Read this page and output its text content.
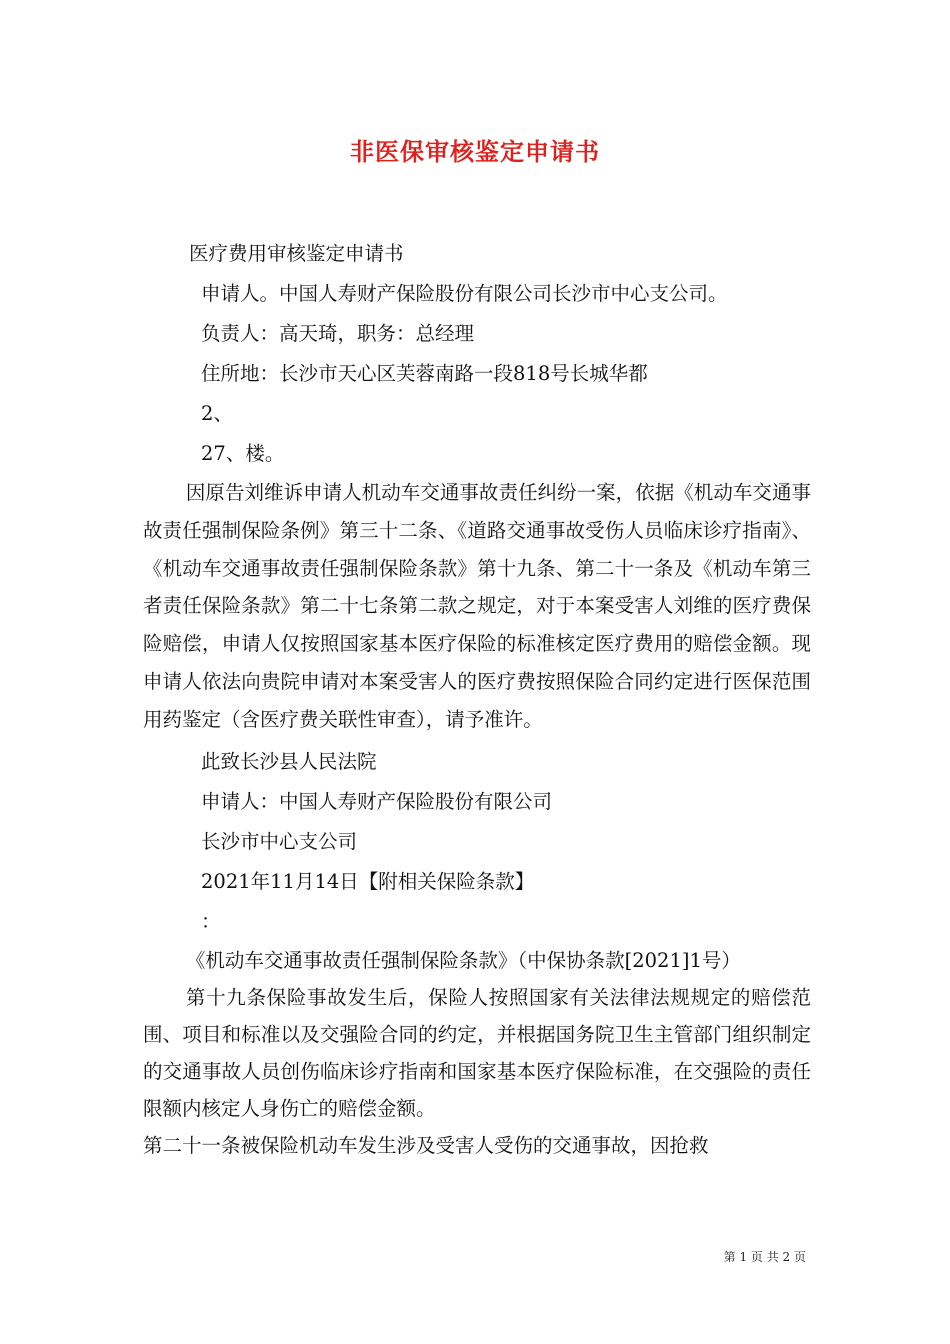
非医保审核鉴定申请书
医疗费用审核鉴定申请书
申请人。中国人寿财产保险股份有限公司长沙市中心支公司。
负责人：高天琦，职务：总经理
住所地：长沙市天心区芙蓉南路一段818号长城华都
2、
27、楼。

因原告刘维诉申请人机动车交通事故责任纠纷一案，依据《机动车交通事故责任强制保险条例》第三十二条、《道路交通事故受伤人员临床诊疗指南》、《机动车交通事故责任强制保险条款》第十九条、第二十一条及《机动车第三者责任保险条款》第二十七条第二款之规定，对于本案受害人刘维的医疗费保险赔偿，申请人仅按照国家基本医疗保险的标准核定医疗费用的赔偿金额。现申请人依法向贵院申请对本案受害人的医疗费按照保险合同约定进行医保范围用药鉴定（含医疗费关联性审查），请予准许。

此致长沙县人民法院
申请人：中国人寿财产保险股份有限公司
长沙市中心支公司
2021年11月14日【附相关保险条款】
：

《机动车交通事故责任强制保险条款》（中保协条款[2021]1号）

第十九条保险事故发生后，保险人按照国家有关法律法规规定的赔偿范围、项目和标准以及交强险合同的约定，并根据国务院卫生主管部门组织制定的交通事故人员创伤临床诊疗指南和国家基本医疗保险标准，在交强险的责任限额内核定人身伤亡的赔偿金额。

第二十一条被保险机动车发生涉及受害人受伤的交通事故，因抢救

第 1 页 共 2 页
